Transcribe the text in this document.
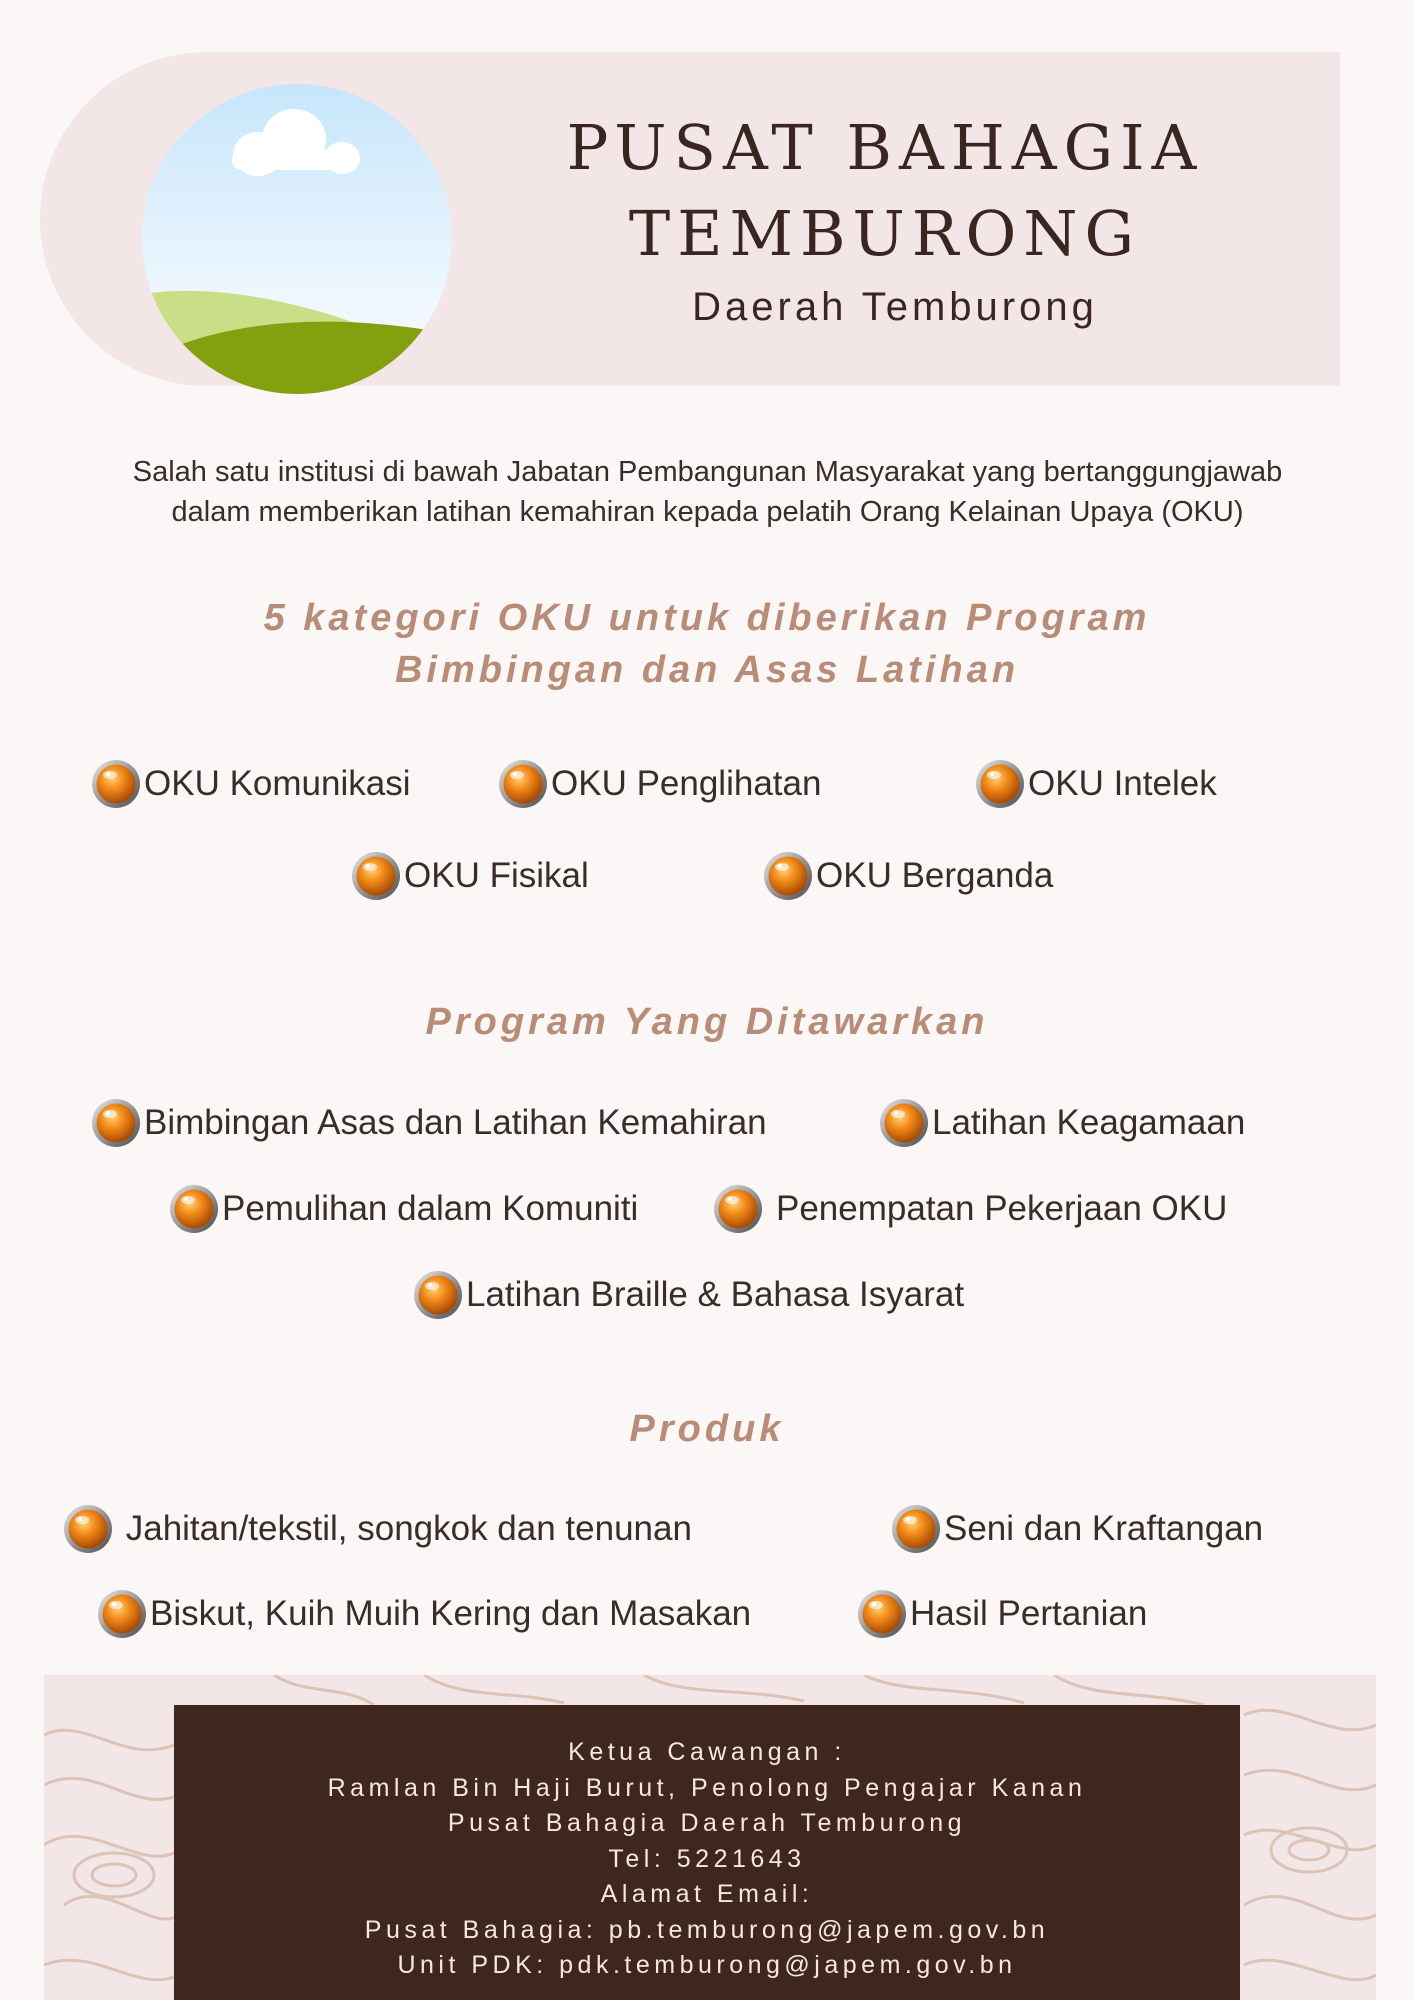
PUSAT BAHAGIA
TEMBURONG
Daerah Temburong
Salah satu institusi di bawah Jabatan Pembangunan Masyarakat yang bertanggungjawab
dalam memberikan latihan kemahiran kepada pelatih Orang Kelainan Upaya (OKU)
5 kategori OKU untuk diberikan Program
Bimbingan dan Asas Latihan
OKU Komunikasi	OKU Penglihatan	OKU Intelek
OKU Fisikal	OKU Berganda
Program Yang Ditawarkan
Bimbingan Asas dan Latihan Kemahiran	Latihan Keagamaan
Pemulihan dalam Komuniti	Penempatan Pekerjaan OKU
Latihan Braille & Bahasa Isyarat
Produk
Jahitan/tekstil, songkok dan tenunan	Seni dan Kraftangan
Biskut, Kuih Muih Kering dan Masakan	Hasil Pertanian
Ketua Cawangan :
Ramlan Bin Haji Burut, Penolong Pengajar Kanan
Pusat Bahagia Daerah Temburong
Tel: 5221643
Alamat Email:
Pusat Bahagia: pb.temburong@japem.gov.bn
Unit PDK: pdk.temburong@japem.gov.bn
